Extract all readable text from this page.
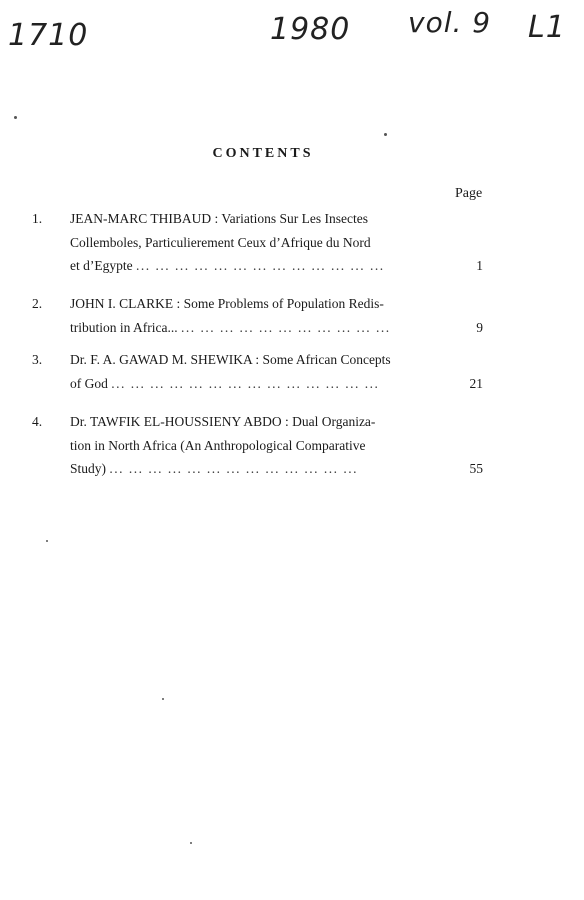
1710	1980 vol. 9 L1
CONTENTS
Page
1.	JEAN-MARC THIBAUD : Variations Sur Les Insectes
Collemboles, Particulierement Ceux d’Afrique du Nord
et d’Egypte ... ... ... ... ... ... ... ... ... ... ... ... ...	1
2.	JOHN I. CLARKE : Some Problems of Population Redis-
tribution in Africa... ... ... ... ... ... ... ... ... ... ... ...	9
3.	Dr. F. A. GAWAD M. SHEWIKA : Some African Concepts
of God ... ... ... ... ... ... ... ... ... ... ... ... ... ...	21
4.	Dr. TAWFIK EL-HOUSSIENY ABDO : Dual Organiza-
tion in North Africa (An Anthropological Comparative
Study) ... ... ... ... ... ... ... ... ... ... ... ... ...	55
